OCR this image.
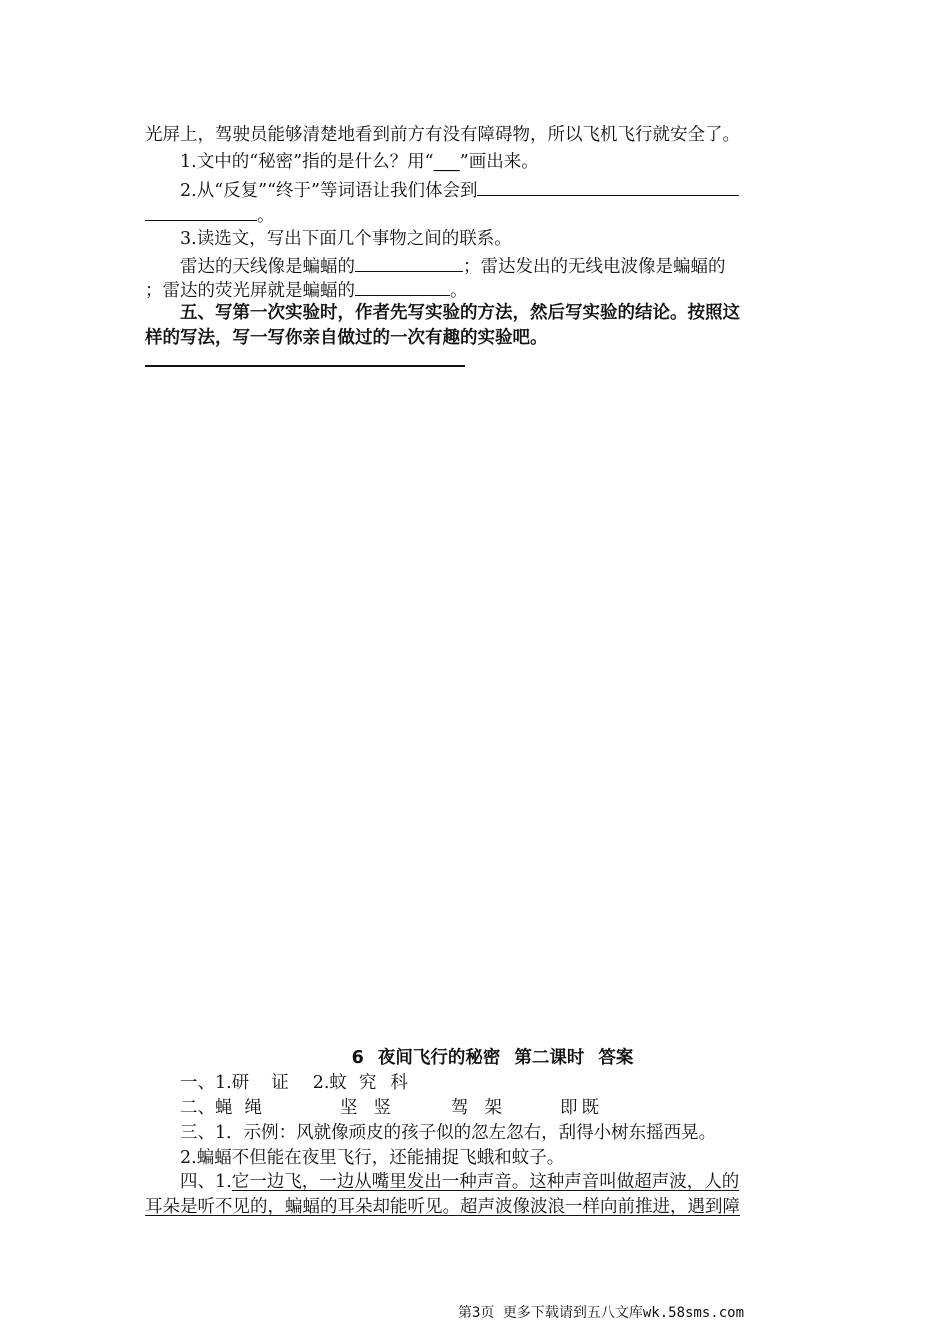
光屏上，驾驶员能够清楚地看到前方有没有障碍物，所以飞机飞行就安全了。
1.文中的“秘密”指的是什么？用“___”画出来。
2.从“反复”“终于”等词语让我们体会到
。
3.读选文，写出下面几个事物之间的联系。
雷达的天线像是蝙蝠的	；雷达发出的无线电波像是蝙蝠的
；雷达的荧光屏就是蝙蝠的	。
五、写第一次实验时，作者先写实验的方法，然后写实验的结论。按照这
样的写法，写一写你亲自做过的一次有趣的实验吧。
6 夜间飞行的秘密 第二课时 答案
一、1.研 证 2.蚊 究 科
二、蝇 绳	坚 竖	驾 架	即 既
三、1．示例：风就像顽皮的孩子似的忽左忽右，刮得小树东摇西晃。
2.蝙蝠不但能在夜里飞行，还能捕捉飞蛾和蚊子。
四、1.它一边飞，一边从嘴里发出一种声音。这种声音叫做超声波，人的
耳朵是听不见的，蝙蝠的耳朵却能听见。超声波像波浪一样向前推进，遇到障
第3页 更多下载请到五八文库wk.58sms.com
